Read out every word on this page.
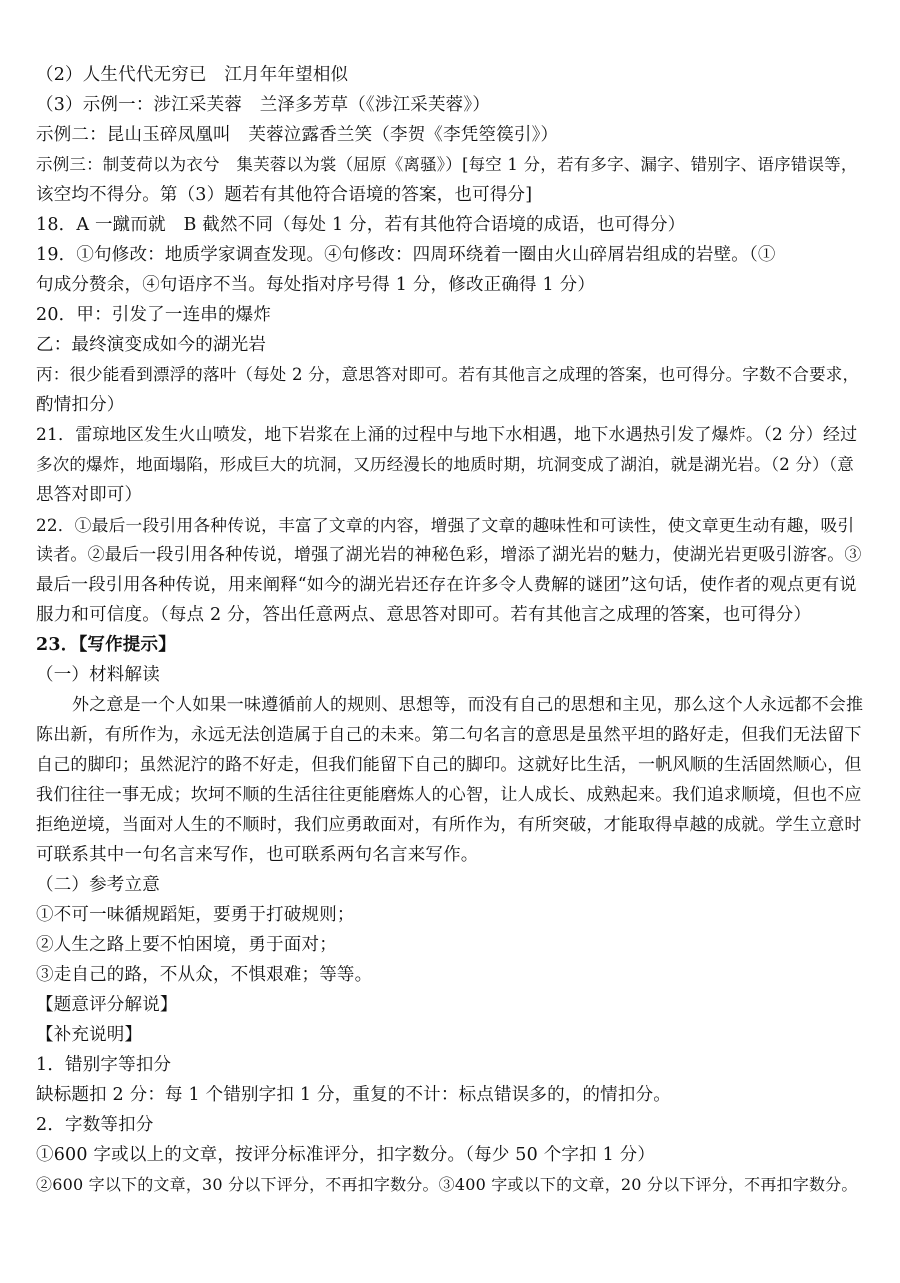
（2）人生代代无穷已　江月年年望相似
（3）示例一：涉江采芙蓉　兰泽多芳草（《涉江采芙蓉》）
示例二：昆山玉碎凤凰叫　芙蓉泣露香兰笑（李贺《李凭箜篌引》）
示例三：制芰荷以为衣兮　集芙蓉以为裳（屈原《离骚》）[每空 1 分，若有多字、漏字、错别字、语序错误等，
该空均不得分。第（3）题若有其他符合语境的答案，也可得分]
18．A 一蹴而就　B 截然不同（每处 1 分，若有其他符合语境的成语，也可得分）
19．①句修改：地质学家调查发现。④句修改：四周环绕着一圈由火山碎屑岩组成的岩壁。（①
句成分赘余，④句语序不当。每处指对序号得 1 分，修改正确得 1 分）
20．甲：引发了一连串的爆炸
乙：最终演变成如今的湖光岩
丙：很少能看到漂浮的落叶（每处 2 分，意思答对即可。若有其他言之成理的答案，也可得分。字数不合要求，
酌情扣分）
21．雷琼地区发生火山喷发，地下岩浆在上涌的过程中与地下水相遇，地下水遇热引发了爆炸。（2 分）经过
多次的爆炸，地面塌陷，形成巨大的坑洞，又历经漫长的地质时期，坑洞变成了湖泊，就是湖光岩。（2 分）（意
思答对即可）
22．①最后一段引用各种传说，丰富了文章的内容，增强了文章的趣味性和可读性，使文章更生动有趣，吸引
读者。②最后一段引用各种传说，增强了湖光岩的神秘色彩，增添了湖光岩的魅力，使湖光岩更吸引游客。③
最后一段引用各种传说，用来阐释“如今的湖光岩还存在许多令人费解的谜团”这句话，使作者的观点更有说
服力和可信度。（每点 2 分，答出任意两点、意思答对即可。若有其他言之成理的答案，也可得分）
23．【写作提示】
（一）材料解读
外之意是一个人如果一味遵循前人的规则、思想等，而没有自己的思想和主见，那么这个人永远都不会推
陈出新，有所作为，永远无法创造属于自己的未来。第二句名言的意思是虽然平坦的路好走，但我们无法留下
自己的脚印；虽然泥泞的路不好走，但我们能留下自己的脚印。这就好比生活，一帆风顺的生活固然顺心，但
我们往往一事无成；坎坷不顺的生活往往更能磨炼人的心智，让人成长、成熟起来。我们追求顺境，但也不应
拒绝逆境，当面对人生的不顺时，我们应勇敢面对，有所作为，有所突破，才能取得卓越的成就。学生立意时
可联系其中一句名言来写作，也可联系两句名言来写作。
（二）参考立意
①不可一味循规蹈矩，要勇于打破规则；
②人生之路上要不怕困境，勇于面对；
③走自己的路，不从众，不惧艰难；等等。
【题意评分解说】
【补充说明】
1．错别字等扣分
缺标题扣 2 分：每 1 个错别字扣 1 分，重复的不计：标点错误多的，的情扣分。
2．字数等扣分
①600 字或以上的文章，按评分标准评分，扣字数分。（每少 50 个字扣 1 分）
②600 字以下的文章，30 分以下评分，不再扣字数分。③400 字或以下的文章，20 分以下评分，不再扣字数分。
